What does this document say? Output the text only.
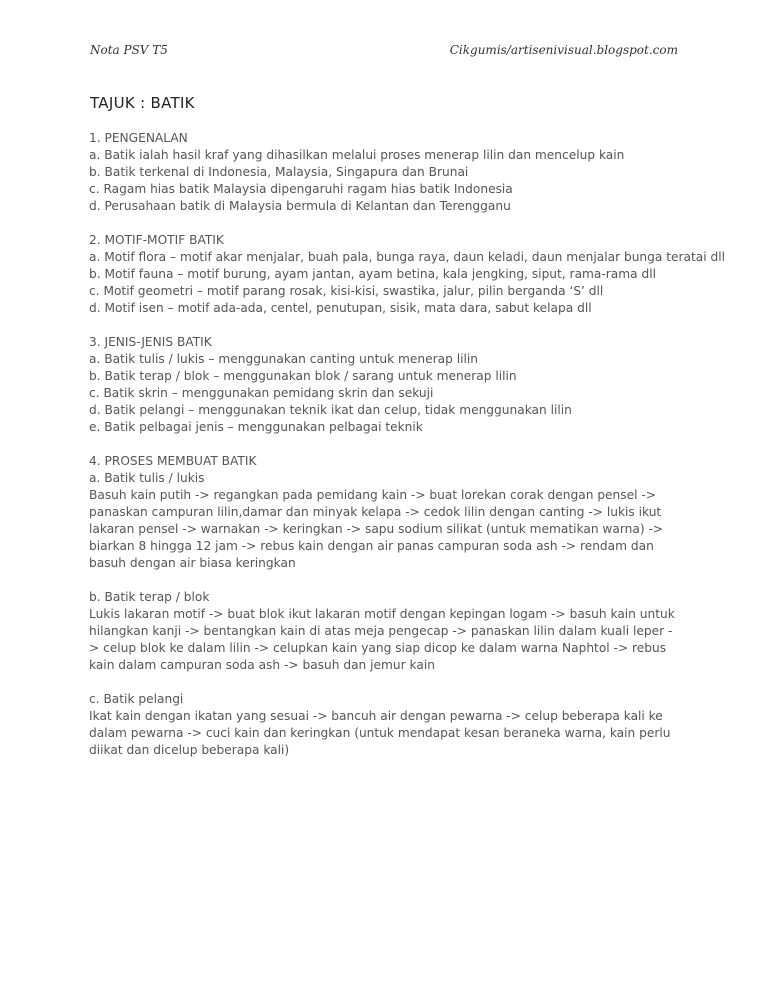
Nota PSV T5	Cikgumis/artisenivisual.blogspot.com
TAJUK : BATIK
1. PENGENALAN
a. Batik ialah hasil kraf yang dihasilkan melalui proses menerap lilin dan mencelup kain
b. Batik terkenal di Indonesia, Malaysia, Singapura dan Brunai
c. Ragam hias batik Malaysia dipengaruhi ragam hias batik Indonesia
d. Perusahaan batik di Malaysia bermula di Kelantan dan Terengganu
2. MOTIF-MOTIF BATIK
a. Motif flora – motif akar menjalar, buah pala, bunga raya, daun keladi, daun menjalar bunga teratai dll
b. Motif fauna – motif burung, ayam jantan, ayam betina, kala jengking, siput, rama-rama dll
c. Motif geometri – motif parang rosak, kisi-kisi, swastika, jalur, pilin berganda ‘S’ dll
d. Motif isen – motif ada-ada, centel, penutupan, sisik, mata dara, sabut kelapa dll
3. JENIS-JENIS BATIK
a. Batik tulis / lukis – menggunakan canting untuk menerap lilin
b. Batik terap / blok – menggunakan blok / sarang untuk menerap lilin
c. Batik skrin – menggunakan pemidang skrin dan sekuji
d. Batik pelangi – menggunakan teknik ikat dan celup, tidak menggunakan lilin
e. Batik pelbagai jenis – menggunakan pelbagai teknik
4. PROSES MEMBUAT BATIK
a. Batik tulis / lukis
Basuh kain putih -> regangkan pada pemidang kain -> buat lorekan corak dengan pensel -> panaskan campuran lilin,damar dan minyak kelapa -> cedok lilin dengan canting -> lukis ikut lakaran pensel -> warnakan -> keringkan -> sapu sodium silikat (untuk mematikan warna) -> biarkan 8 hingga 12 jam -> rebus kain dengan air panas campuran soda ash -> rendam dan basuh dengan air biasa keringkan
b. Batik terap / blok
Lukis lakaran motif -> buat blok ikut lakaran motif dengan kepingan logam -> basuh kain untuk hilangkan kanji -> bentangkan kain di atas meja pengecap -> panaskan lilin dalam kuali leper -> celup blok ke dalam lilin -> celupkan kain yang siap dicop ke dalam warna Naphtol -> rebus kain dalam campuran soda ash -> basuh dan jemur kain
c. Batik pelangi
Ikat kain dengan ikatan yang sesuai -> bancuh air dengan pewarna -> celup beberapa kali ke dalam pewarna -> cuci kain dan keringkan (untuk mendapat kesan beraneka warna, kain perlu diikat dan dicelup beberapa kali)
